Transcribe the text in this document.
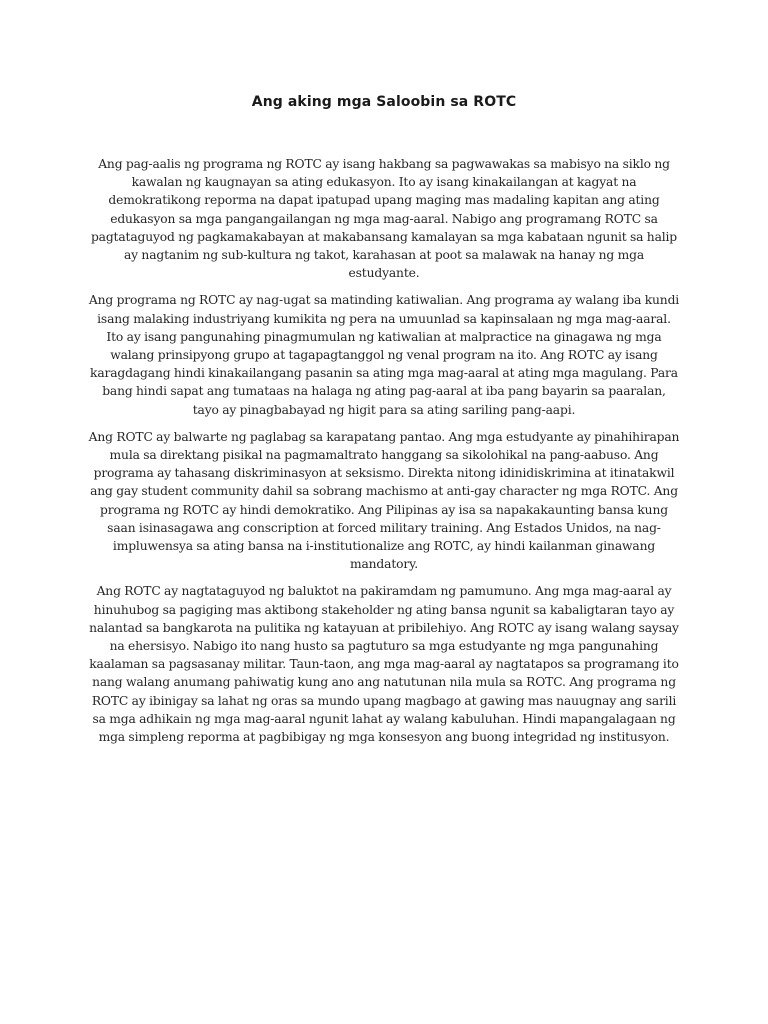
Ang aking mga Saloobin sa ROTC

Ang pag-aalis ng programa ng ROTC ay isang hakbang sa pagwawakas sa mabisyo na siklo ng kawalan ng kaugnayan sa ating edukasyon. Ito ay isang kinakailangan at kagyat na demokratikong reporma na dapat ipatupad upang maging mas madaling kapitan ang ating edukasyon sa mga pangangailangan ng mga mag-aaral. Nabigo ang programang ROTC sa pagtataguyod ng pagkamakabayan at makabansang kamalayan sa mga kabataan ngunit sa halip ay nagtanim ng sub-kultura ng takot, karahasan at poot sa malawak na hanay ng mga estudyante.

Ang programa ng ROTC ay nag-ugat sa matinding katiwalian. Ang programa ay walang iba kundi isang malaking industriyang kumikita ng pera na umuunlad sa kapinsalaan ng mga mag-aaral. Ito ay isang pangunahing pinagmumulan ng katiwalian at malpractice na ginagawa ng mga walang prinsipyong grupo at tagapagtanggol ng venal program na ito. Ang ROTC ay isang karagdagang hindi kinakailangang pasanin sa ating mga mag-aaral at ating mga magulang. Para bang hindi sapat ang tumataas na halaga ng ating pag-aaral at iba pang bayarin sa paaralan, tayo ay pinagbabayad ng higit para sa ating sariling pang-aapi.

Ang ROTC ay balwarte ng paglabag sa karapatang pantao. Ang mga estudyante ay pinahihirapan mula sa direktang pisikal na pagmamaltrato hanggang sa sikolohikal na pang-aabuso. Ang programa ay tahasang diskriminasyon at seksismo. Direkta nitong idinidiskrimina at itinatakwil ang gay student community dahil sa sobrang machismo at anti-gay character ng mga ROTC. Ang programa ng ROTC ay hindi demokratiko. Ang Pilipinas ay isa sa napakakaunting bansa kung saan isinasagawa ang conscription at forced military training. Ang Estados Unidos, na nag-impluwensya sa ating bansa na i-institutionalize ang ROTC, ay hindi kailanman ginawang mandatory.

Ang ROTC ay nagtataguyod ng baluktot na pakiramdam ng pamumuno. Ang mga mag-aaral ay hinuhubog sa pagiging mas aktibong stakeholder ng ating bansa ngunit sa kabaligtaran tayo ay nalantad sa bangkarota na pulitika ng katayuan at pribilehiyo. Ang ROTC ay isang walang saysay na ehersisyo. Nabigo ito nang husto sa pagtuturo sa mga estudyante ng mga pangunahing kaalaman sa pagsasanay militar. Taun-taon, ang mga mag-aaral ay nagtatapos sa programang ito nang walang anumang pahiwatig kung ano ang natutunan nila mula sa ROTC. Ang programa ng ROTC ay ibinigay sa lahat ng oras sa mundo upang magbago at gawing mas nauugnay ang sarili sa mga adhikain ng mga mag-aaral ngunit lahat ay walang kabuluhan. Hindi mapangalagaan ng mga simpleng reporma at pagbibigay ng mga konsesyon ang buong integridad ng institusyon.
